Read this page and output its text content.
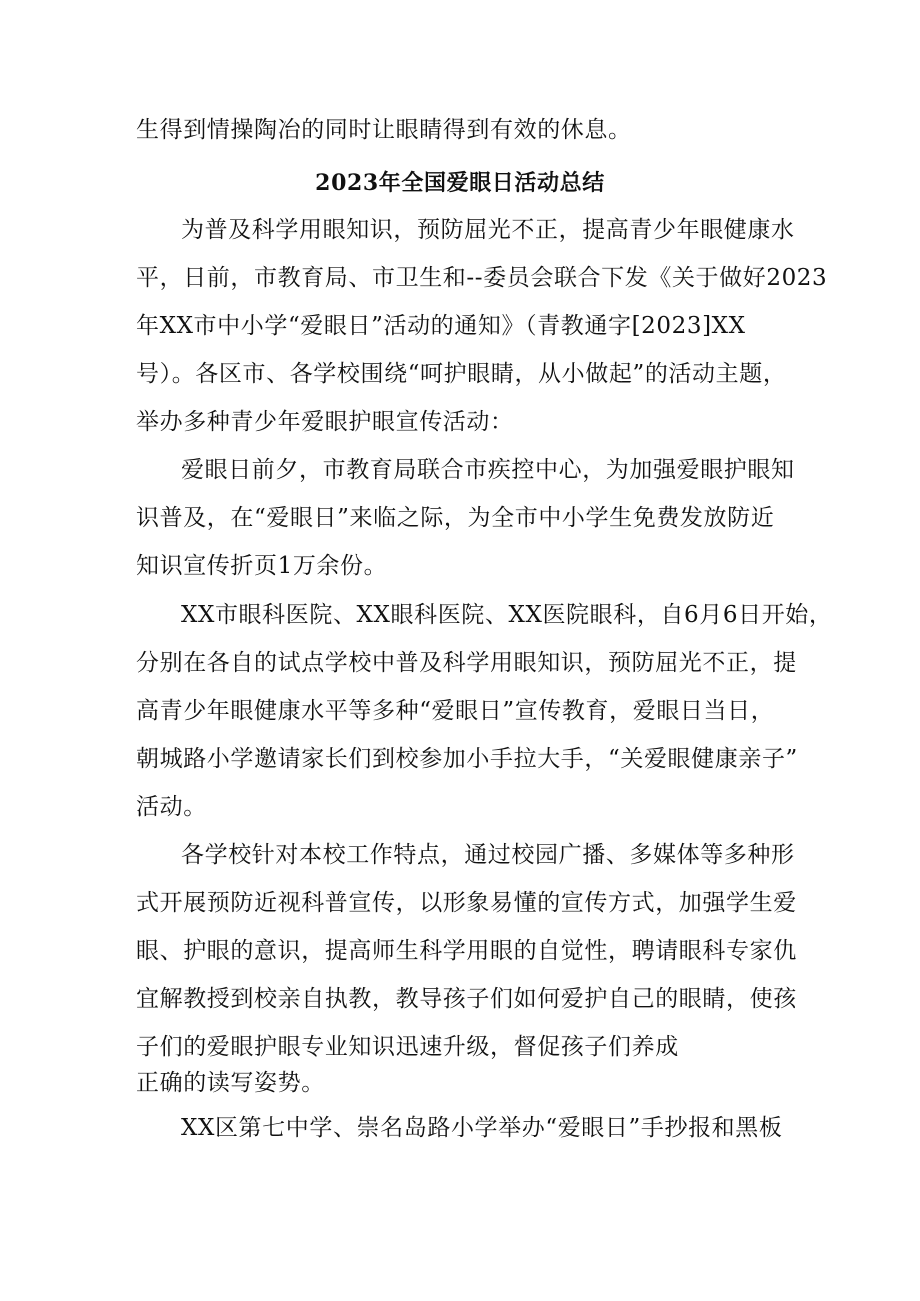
生得到情操陶冶的同时让眼睛得到有效的休息。
2023年全国爱眼日活动总结
为普及科学用眼知识，预防屈光不正，提高青少年眼健康水
平，日前，市教育局、市卫生和--委员会联合下发《关于做好2023
年XX市中小学“爱眼日”活动的通知》（青教通字[2023]XX
号）。各区市、各学校围绕“呵护眼睛，从小做起”的活动主题，
举办多种青少年爱眼护眼宣传活动：
爱眼日前夕，市教育局联合市疾控中心，为加强爱眼护眼知
识普及，在“爱眼日”来临之际，为全市中小学生免费发放防近
知识宣传折页1万余份。
XX市眼科医院、XX眼科医院、XX医院眼科，自6月6日开始，
分别在各自的试点学校中普及科学用眼知识，预防屈光不正，提
高青少年眼健康水平等多种“爱眼日”宣传教育，爱眼日当日，
朝城路小学邀请家长们到校参加小手拉大手，“关爱眼健康亲子”
活动。
各学校针对本校工作特点，通过校园广播、多媒体等多种形
式开展预防近视科普宣传，以形象易懂的宣传方式，加强学生爱
眼、护眼的意识，提高师生科学用眼的自觉性，聘请眼科专家仇
宜解教授到校亲自执教，教导孩子们如何爱护自己的眼睛，使孩
子们的爱眼护眼专业知识迅速升级，督促孩子们养成
正确的读写姿势。
XX区第七中学、崇名岛路小学举办“爱眼日”手抄报和黑板
